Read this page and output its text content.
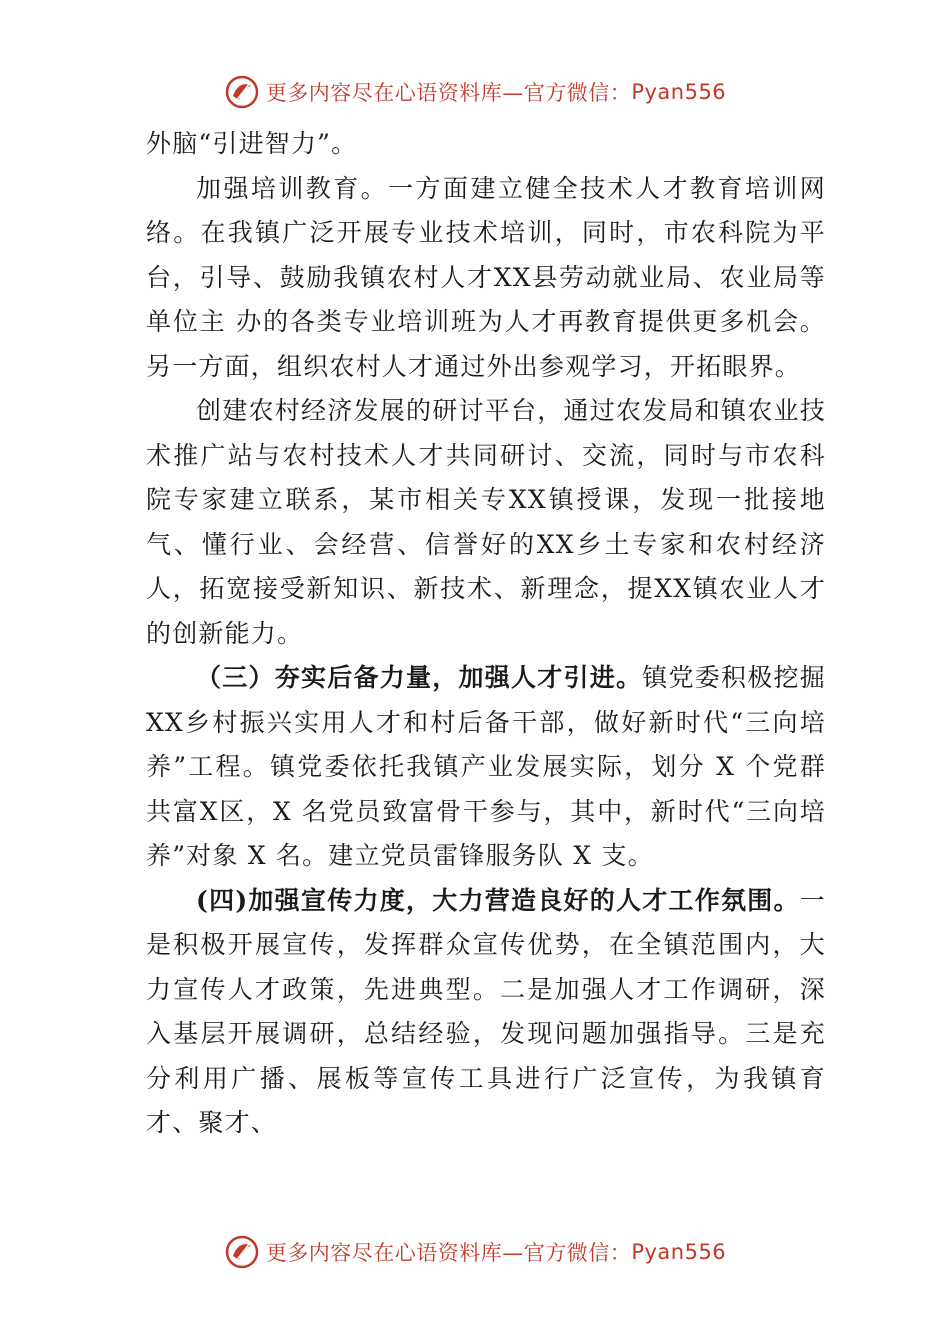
更多内容尽在心语资料库—官方微信： Pyan556

外脑“引进智力”。

加强培训教育。一方面建立健全技术人才教育培训网络。在我镇广泛开展专业技术培训，同时，市农科院为平台，引导、鼓励我镇农村人才XX县劳动就业局、农业局等单位主 办的各类专业培训班为人才再教育提供更多机会。另一方面，组织农村人才通过外出参观学习，开拓眼界。

创建农村经济发展的研讨平台，通过农发局和镇农业技术推广站与农村技术人才共同研讨、交流，同时与市农科院专家建立联系，某市相关专XX镇授课，发现一批接地气、懂行业、会经营、信誉好的XX乡土专家和农村经济人，拓宽接受新知识、新技术、新理念，提XX镇农业人才的创新能力。

（三）夯实后备力量，加强人才引进。镇党委积极挖掘XX乡村振兴实用人才和村后备干部，做好新时代“三向培养”工程。镇党委依托我镇产业发展实际，划分 X 个党群共富X区，X 名党员致富骨干参与，其中，新时代“三向培养”对象 X 名。建立党员雷锋服务队 X 支。

(四)加强宣传力度，大力营造良好的人才工作氛围。一是积极开展宣传，发挥群众宣传优势，在全镇范围内，大力宣传人才政策，先进典型。二是加强人才工作调研，深入基层开展调研，总结经验，发现问题加强指导。三是充分利用广播、展板等宣传工具进行广泛宣传，为我镇育才、聚才、

更多内容尽在心语资料库—官方微信： Pyan556
